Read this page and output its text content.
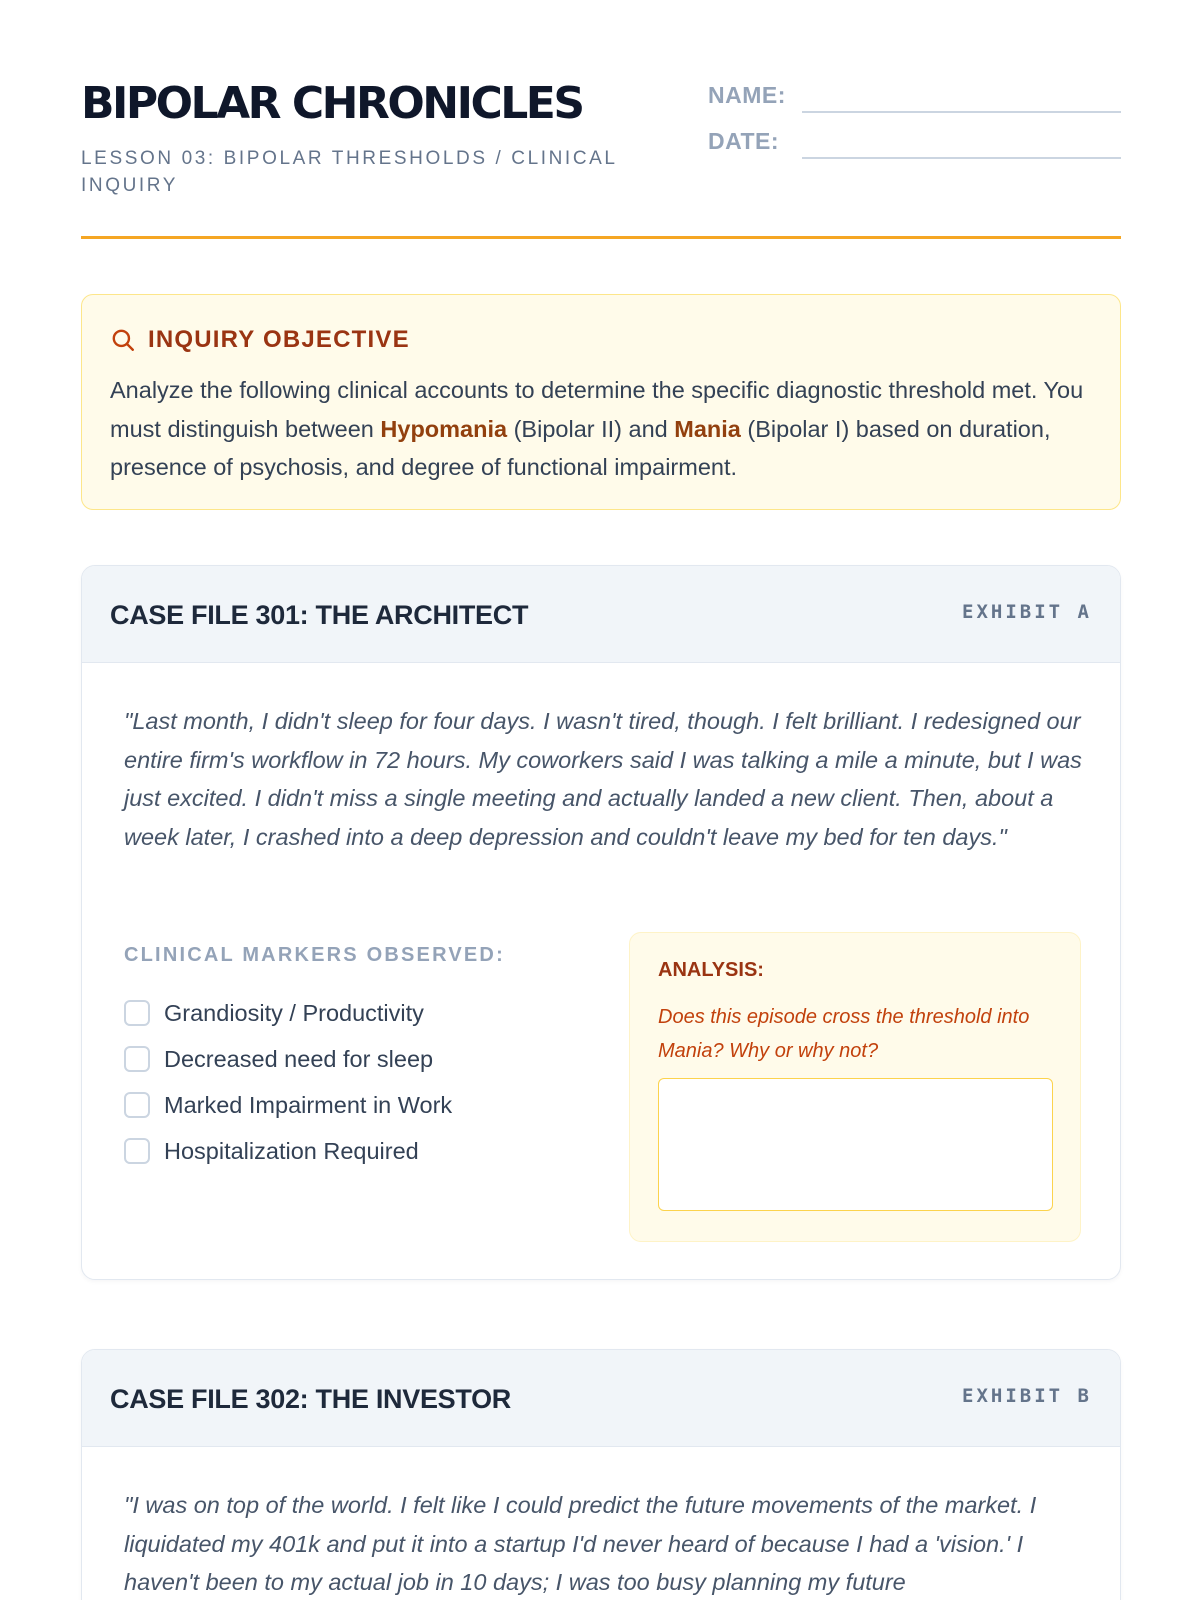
BIPOLAR CHRONICLES
LESSON 03: BIPOLAR THRESHOLDS / CLINICAL INQUIRY
NAME:
DATE:
INQUIRY OBJECTIVE

Analyze the following clinical accounts to determine the specific diagnostic threshold met. You must distinguish between Hypomania (Bipolar II) and Mania (Bipolar I) based on duration, presence of psychosis, and degree of functional impairment.

CASE FILE 301: THE ARCHITECT	EXHIBIT A

"Last month, I didn't sleep for four days. I wasn't tired, though. I felt brilliant. I redesigned our entire firm's workflow in 72 hours. My coworkers said I was talking a mile a minute, but I was just excited. I didn't miss a single meeting and actually landed a new client. Then, about a week later, I crashed into a deep depression and couldn't leave my bed for ten days."

CLINICAL MARKERS OBSERVED:
Grandiosity / Productivity
Decreased need for sleep
Marked Impairment in Work
Hospitalization Required
ANALYSIS:
Does this episode cross the threshold into Mania? Why or why not?
CASE FILE 302: THE INVESTOR	EXHIBIT B

"I was on top of the world. I felt like I could predict the future movements of the market. I liquidated my 401k and put it into a startup I'd never heard of because I had a 'vision.' I haven't been to my actual job in 10 days; I was too busy planning my future
